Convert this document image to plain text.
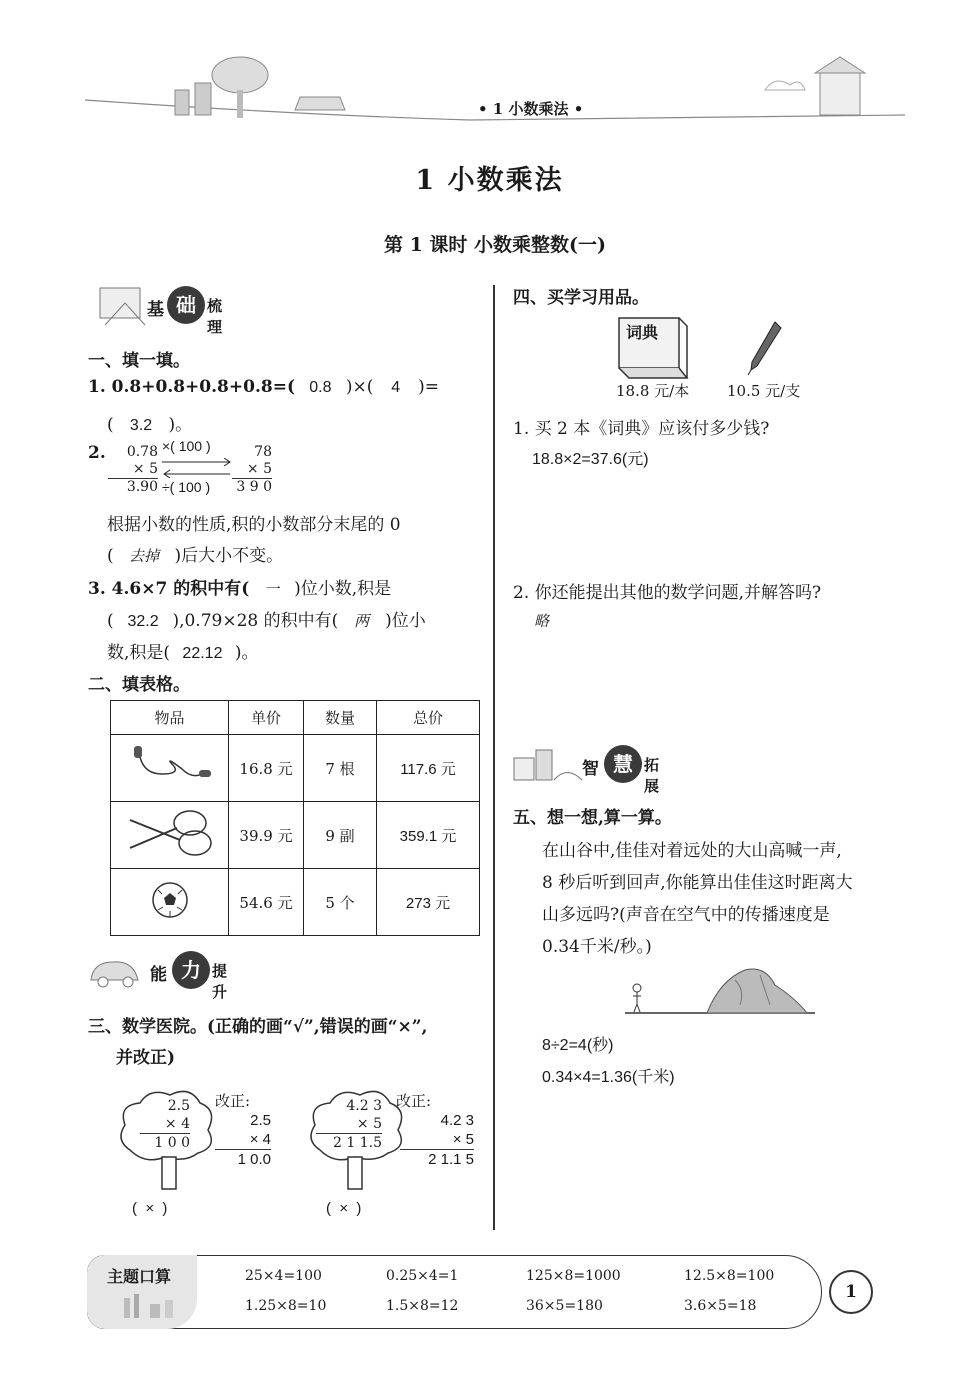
• 1 小数乘法 •
1 小数乘法
第 1 课时 小数乘整数(一)
基 础 梳理
一、填一填。
1. 0.8+0.8+0.8+0.8=( 0.8 )×( 4 )=
( 3.2 )。
2.	0.78
× 5
3.90
×( 100 )
÷( 100 )
78
× 5
3 9 0
根据小数的性质,积的小数部分末尾的 0
( 去掉 )后大小不变。
3. 4.6×7 的积中有( 一 )位小数,积是
( 32.2 ),0.79×28 的积中有( 两 )位小
数,积是( 22.12 )。
二、填表格。
物品	单价	数量	总价
	16.8 元	7 根	117.6 元
	39.9 元	9 副	359.1 元
	54.6 元	5 个	273 元
能 力 提升
三、数学医院。(正确的画“√”,错误的画“×”,
并改正)
2.5
× 4
1 0 0
改正:
2.5
× 4
1 0.0
(  ×  )
4.2 3
× 5
2 1 1.5
改正:
4.2 3
× 5
2 1.1 5
(  ×  )
四、买学习用品。
词典
18.8 元/本	10.5 元/支
1. 买 2 本《词典》应该付多少钱?
18.8×2=37.6(元)
2. 你还能提出其他的数学问题,并解答吗?
略
智 慧 拓展
五、想一想,算一算。
在山谷中,佳佳对着远处的大山高喊一声,
8 秒后听到回声,你能算出佳佳这时距离大
山多远吗?(声音在空气中的传播速度是
0.34千米/秒。)
8÷2=4(秒)
0.34×4=1.36(千米)
主题口算	25×4=100	0.25×4=1	125×8=1000	12.5×8=100
1.25×8=10	1.5×8=12	36×5=180	3.6×5=18
1
